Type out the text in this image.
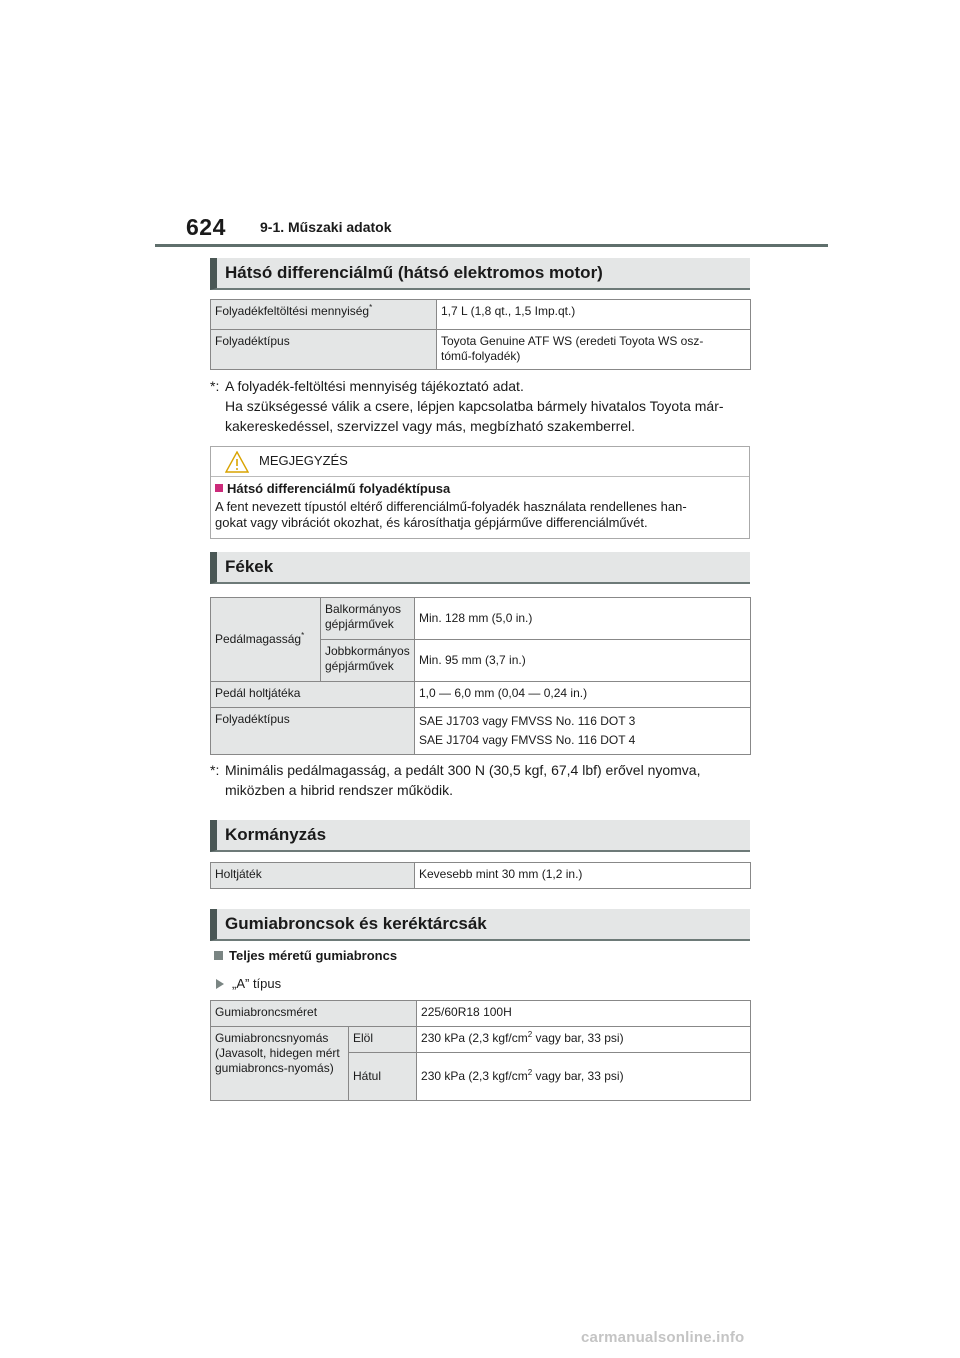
624 9-1. Műszaki adatok
Hátsó differenciálmű (hátsó elektromos motor)
Folyadékfeltöltési mennyiség*	1,7 L (1,8 qt., 1,5 Imp.qt.)
Folyadéktípus	Toyota Genuine ATF WS (eredeti Toyota WS osz-
tómű-folyadék)
*: A folyadék-feltöltési mennyiség tájékoztató adat.
Ha szükségessé válik a csere, lépjen kapcsolatba bármely hivatalos Toyota már-
kakereskedéssel, szervizzel vagy más, megbízható szakemberrel.
MEGJEGYZÉS
Hátsó differenciálmű folyadéktípusa
A fent nevezett típustól eltérő differenciálmű-folyadék használata rendellenes han-
gokat vagy vibrációt okozhat, és károsíthatja gépjárműve differenciálművét.
Fékek
Pedálmagasság*	Balkormányos gépjárművek	Min. 128 mm (5,0 in.)
	Jobbkormányos gépjárművek	Min. 95 mm (3,7 in.)
Pedál holtjátéka		1,0 — 6,0 mm (0,04 — 0,24 in.)
Folyadéktípus		SAE J1703 vagy FMVSS No. 116 DOT 3
SAE J1704 vagy FMVSS No. 116 DOT 4
*: Minimális pedálmagasság, a pedált 300 N (30,5 kgf, 67,4 lbf) erővel nyomva,
miközben a hibrid rendszer működik.
Kormányzás
Holtjáték	Kevesebb mint 30 mm (1,2 in.)
Gumiabroncsok és keréktárcsák
Teljes méretű gumiabroncs
„A” típus
Gumiabroncsméret		225/60R18 100H
Gumiabroncsnyomás (Javasolt, hidegen mért gumiabroncs-nyomás)	Elöl	230 kPa (2,3 kgf/$cm^2$ vagy bar, 33 psi)
	Hátul	230 kPa (2,3 kgf/$cm^2$ vagy bar, 33 psi)
carmanualsonline.info
